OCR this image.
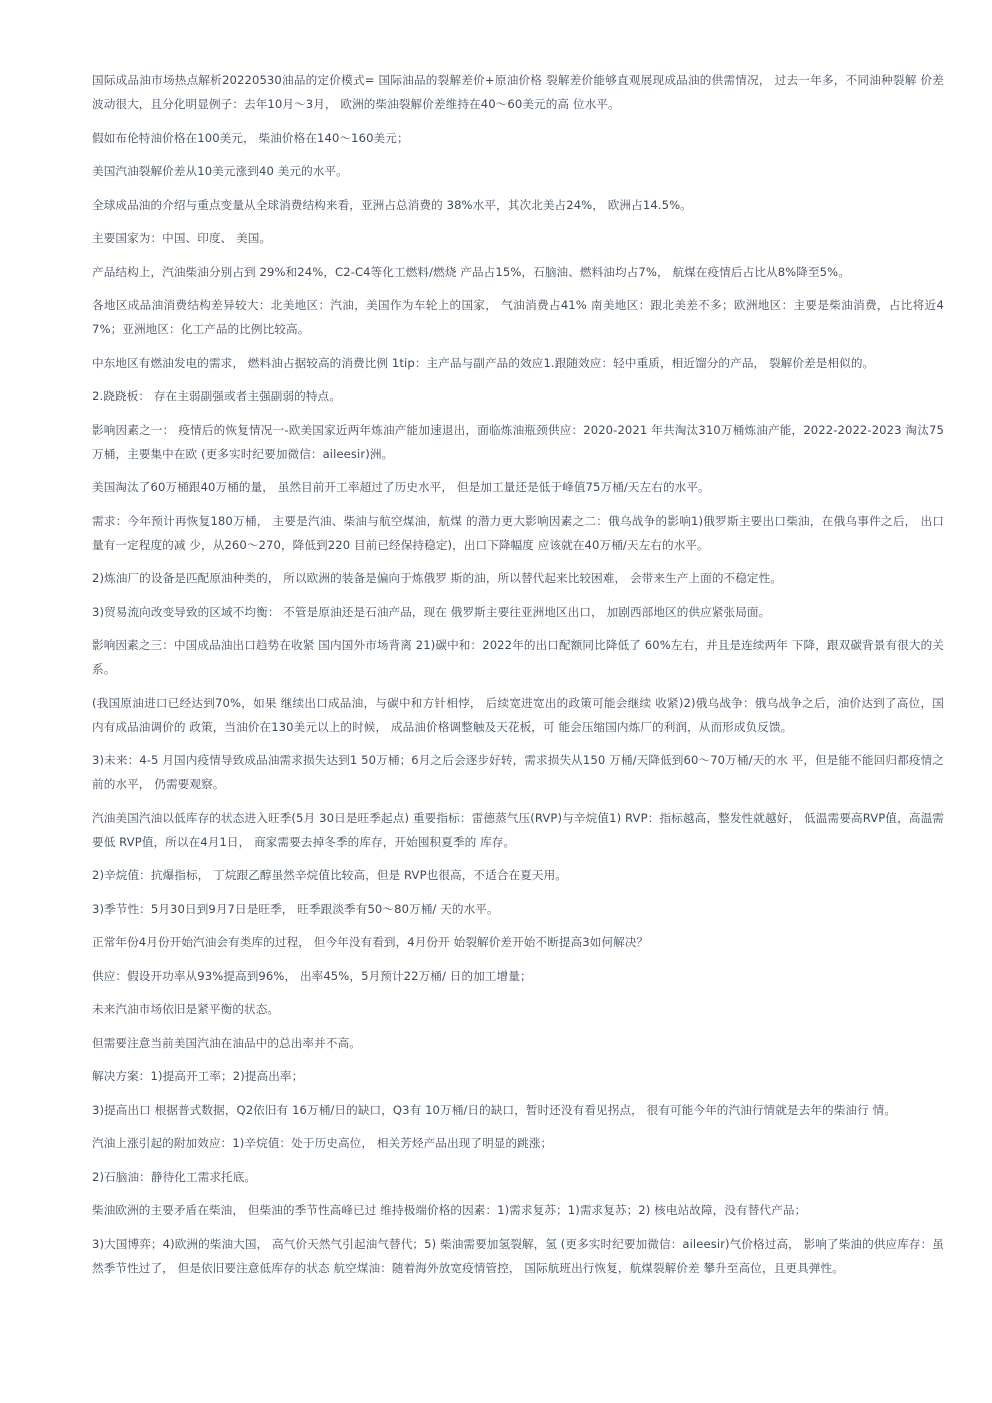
国际成品油市场热点解析20220530油品的定价模式= 国际油品的裂解差价+原油价格 裂解差价能够直观展现成品油的供需情况， 过去一年多，不同油种裂解 价差波动很大，且分化明显例子：去年10月～3月， 欧洲的柴油裂解价差维持在40～60美元的高 位水平。

假如布伦特油价格在100美元， 柴油价格在140～160美元；

美国汽油裂解价差从10美元涨到40 美元的水平。

全球成品油的介绍与重点变量从全球消费结构来看，亚洲占总消费的 38%水平，其次北美占24%， 欧洲占14.5%。

主要国家为：中国、印度、 美国。

产品结构上，汽油柴油分别占到 29%和24%，C2-C4等化工燃料/燃烧 产品占15%，石脑油、燃料油均占7%， 航煤在疫情后占比从8%降至5%。

各地区成品油消费结构差异较大：北美地区：汽油，美国作为车轮上的国家， 气油消费占41% 南美地区：跟北美差不多；欧洲地区：主要是柴油消费，占比将近47%；亚洲地区：化工产品的比例比较高。

中东地区有燃油发电的需求， 燃料油占据较高的消费比例 1tip：主产品与副产品的效应1.跟随效应：轻中重质，相近馏分的产品， 裂解价差是相似的。

2.跷跷板： 存在主弱副强或者主强副弱的特点。

影响因素之一： 疫情后的恢复情况一-欧美国家近两年炼油产能加速退出，面临炼油瓶颈供应：2020-2021 年共淘汰310万桶炼油产能，2022-2022-2023 淘汰75万桶，主要集中在欧 (更多实时纪要加微信：aileesir)洲。

美国淘汰了60万桶跟40万桶的量， 虽然目前开工率超过了历史水平， 但是加工量还是低于峰值75万桶/天左右的水平。

需求：今年预计再恢复180万桶， 主要是汽油、柴油与航空煤油，航煤 的潜力更大影响因素之二：俄乌战争的影响1)俄罗斯主要出口柴油，在俄乌事件之后， 出口量有一定程度的减 少，从260～270，降低到220 目前已经保持稳定)，出口下降幅度 应该就在40万桶/天左右的水平。

2)炼油厂的设备是匹配原油种类的， 所以欧洲的装备是偏向于炼俄罗 斯的油，所以替代起来比较困难， 会带来生产上面的不稳定性。

3)贸易流向改变导致的区域不均衡： 不管是原油还是石油产品，现在 俄罗斯主要往亚洲地区出口， 加剧西部地区的供应紧张局面。

影响因素之三：中国成品油出口趋势在收紧 国内国外市场背离 21)碳中和：2022年的出口配额同比降低了 60%左右，并且是连续两年 下降，跟双碳背景有很大的关系。

(我国原油进口已经达到70%，如果 继续出口成品油，与碳中和方针相悖， 后续宽进宽出的政策可能会继续 收紧)2)俄乌战争：俄乌战争之后，油价达到了高位，国内有成品油调价的 政策，当油价在130美元以上的时候， 成品油价格调整触及天花板，可 能会压缩国内炼厂的利润，从而形成负反馈。

3)未来：4-5 月国内疫情导致成品油需求损失达到1 50万桶；6月之后会逐步好转，需求损失从150 万桶/天降低到60～70万桶/天的水 平，但是能不能回归都疫情之前的水平， 仍需要观察。

汽油美国汽油以低库存的状态进入旺季(5月 30日是旺季起点) 重要指标：雷德蒸气压(RVP)与辛烷值1) RVP：指标越高，整发性就越好， 低温需要高RVP值，高温需要低 RVP值，所以在4月1日， 商家需要去掉冬季的库存，开始囤积夏季的 库存。

2)辛烷值：抗爆指标， 丁烷跟乙醇虽然辛烷值比较高，但是 RVP也很高，不适合在夏天用。

3)季节性：5月30日到9月7日是旺季， 旺季跟淡季有50～80万桶/ 天的水平。

正常年份4月份开始汽油会有类库的过程， 但今年没有看到，4月份开 始裂解价差开始不断提高3如何解决？

供应：假设开功率从93%提高到96%， 出率45%，5月预计22万桶/ 日的加工增量；

未来汽油市场依旧是紧平衡的状态。

但需要注意当前美国汽油在油品中的总出率并不高。

解决方案：1)提高开工率；2)提高出率；

3)提高出口 根据普式数据，Q2依旧有 16万桶/日的缺口，Q3有 10万桶/日的缺口，暂时还没有看见拐点， 很有可能今年的汽油行情就是去年的柴油行 情。

汽油上涨引起的附加效应：1)辛烷值：处于历史高位， 相关芳烃产品出现了明显的跳涨；

2)石脑油：静待化工需求托底。

柴油欧洲的主要矛盾在柴油， 但柴油的季节性高峰已过 维持极端价格的因素：1)需求复苏；1)需求复苏；2) 核电站故障，没有替代产品；

3)大国博弈；4)欧洲的柴油大国， 高气价天然气引起油气替代；5) 柴油需要加氢裂解，氢 (更多实时纪要加微信：aileesir)气价格过高， 影响了柴油的供应库存：虽然季节性过了， 但是依旧要注意低库存的状态 航空煤油：随着海外放宽疫情管控， 国际航班出行恢复，航煤裂解价差 攀升至高位，且更具弹性。
